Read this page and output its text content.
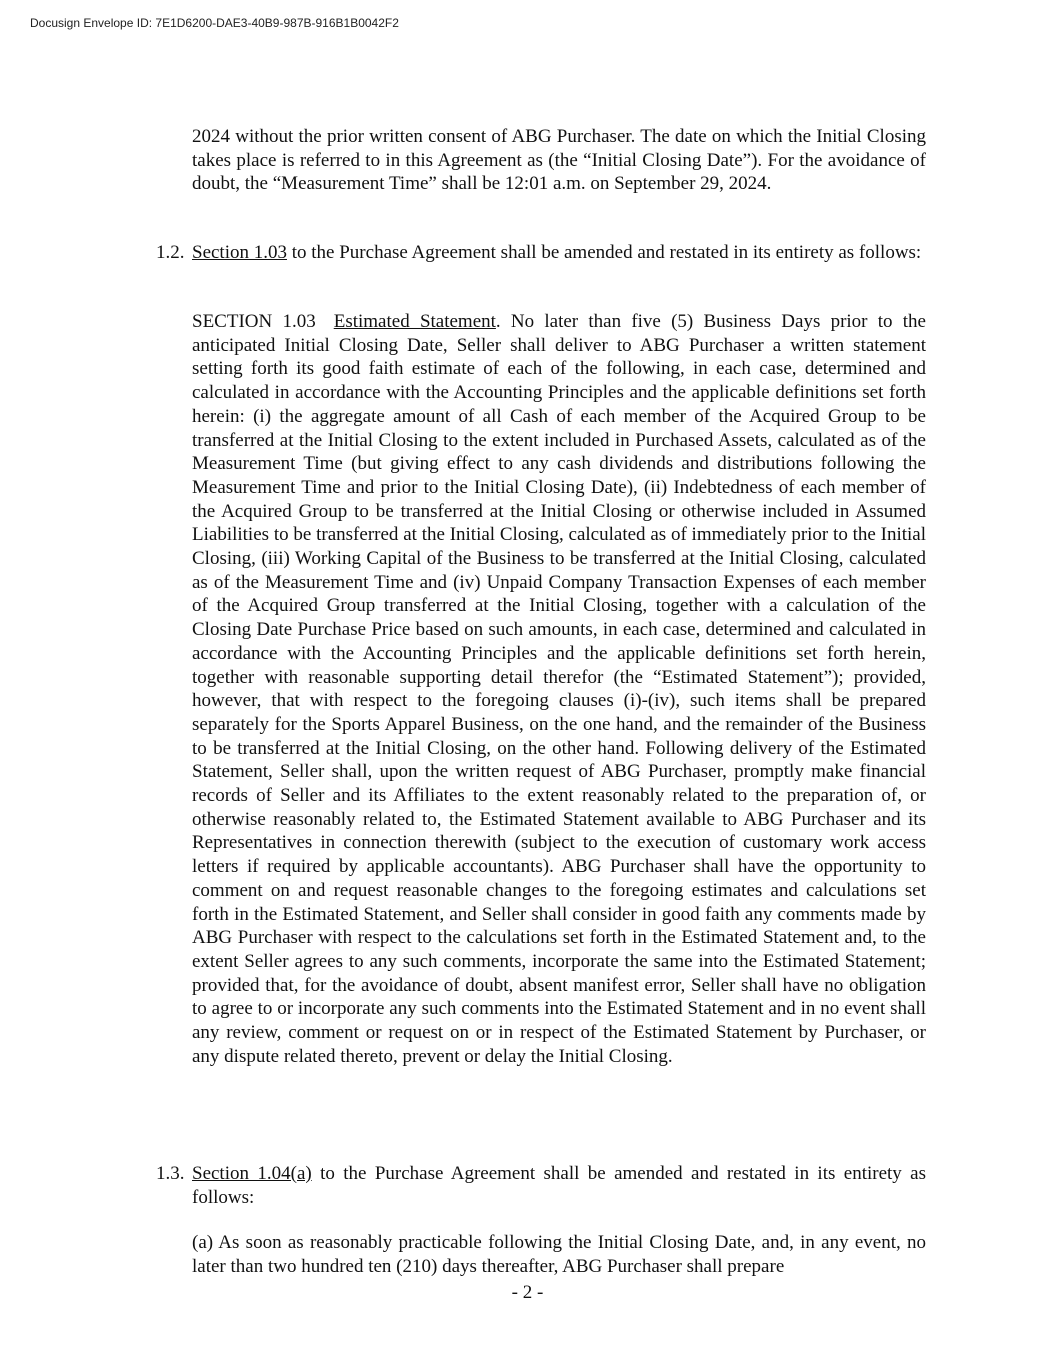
Docusign Envelope ID: 7E1D6200-DAE3-40B9-987B-916B1B0042F2

2024 without the prior written consent of ABG Purchaser. The date on which the Initial Closing takes place is referred to in this Agreement as (the “Initial Closing Date”). For the avoidance of doubt, the “Measurement Time” shall be 12:01 a.m. on September 29, 2024.

1.2. Section 1.03 to the Purchase Agreement shall be amended and restated in its entirety as follows:

SECTION 1.03 Estimated Statement. No later than five (5) Business Days prior to the anticipated Initial Closing Date, Seller shall deliver to ABG Purchaser a written statement setting forth its good faith estimate of each of the following, in each case, determined and calculated in accordance with the Accounting Principles and the applicable definitions set forth herein: (i) the aggregate amount of all Cash of each member of the Acquired Group to be transferred at the Initial Closing to the extent included in Purchased Assets, calculated as of the Measurement Time (but giving effect to any cash dividends and distributions following the Measurement Time and prior to the Initial Closing Date), (ii) Indebtedness of each member of the Acquired Group to be transferred at the Initial Closing or otherwise included in Assumed Liabilities to be transferred at the Initial Closing, calculated as of immediately prior to the Initial Closing, (iii) Working Capital of the Business to be transferred at the Initial Closing, calculated as of the Measurement Time and (iv) Unpaid Company Transaction Expenses of each member of the Acquired Group transferred at the Initial Closing, together with a calculation of the Closing Date Purchase Price based on such amounts, in each case, determined and calculated in accordance with the Accounting Principles and the applicable definitions set forth herein, together with reasonable supporting detail therefor (the “Estimated Statement”); provided, however, that with respect to the foregoing clauses (i)-(iv), such items shall be prepared separately for the Sports Apparel Business, on the one hand, and the remainder of the Business to be transferred at the Initial Closing, on the other hand. Following delivery of the Estimated Statement, Seller shall, upon the written request of ABG Purchaser, promptly make financial records of Seller and its Affiliates to the extent reasonably related to the preparation of, or otherwise reasonably related to, the Estimated Statement available to ABG Purchaser and its Representatives in connection therewith (subject to the execution of customary work access letters if required by applicable accountants). ABG Purchaser shall have the opportunity to comment on and request reasonable changes to the foregoing estimates and calculations set forth in the Estimated Statement, and Seller shall consider in good faith any comments made by ABG Purchaser with respect to the calculations set forth in the Estimated Statement and, to the extent Seller agrees to any such comments, incorporate the same into the Estimated Statement; provided that, for the avoidance of doubt, absent manifest error, Seller shall have no obligation to agree to or incorporate any such comments into the Estimated Statement and in no event shall any review, comment or request on or in respect of the Estimated Statement by Purchaser, or any dispute related thereto, prevent or delay the Initial Closing.

1.3. Section 1.04(a) to the Purchase Agreement shall be amended and restated in its entirety as follows:

(a) As soon as reasonably practicable following the Initial Closing Date, and, in any event, no later than two hundred ten (210) days thereafter, ABG Purchaser shall prepare

- 2 -
